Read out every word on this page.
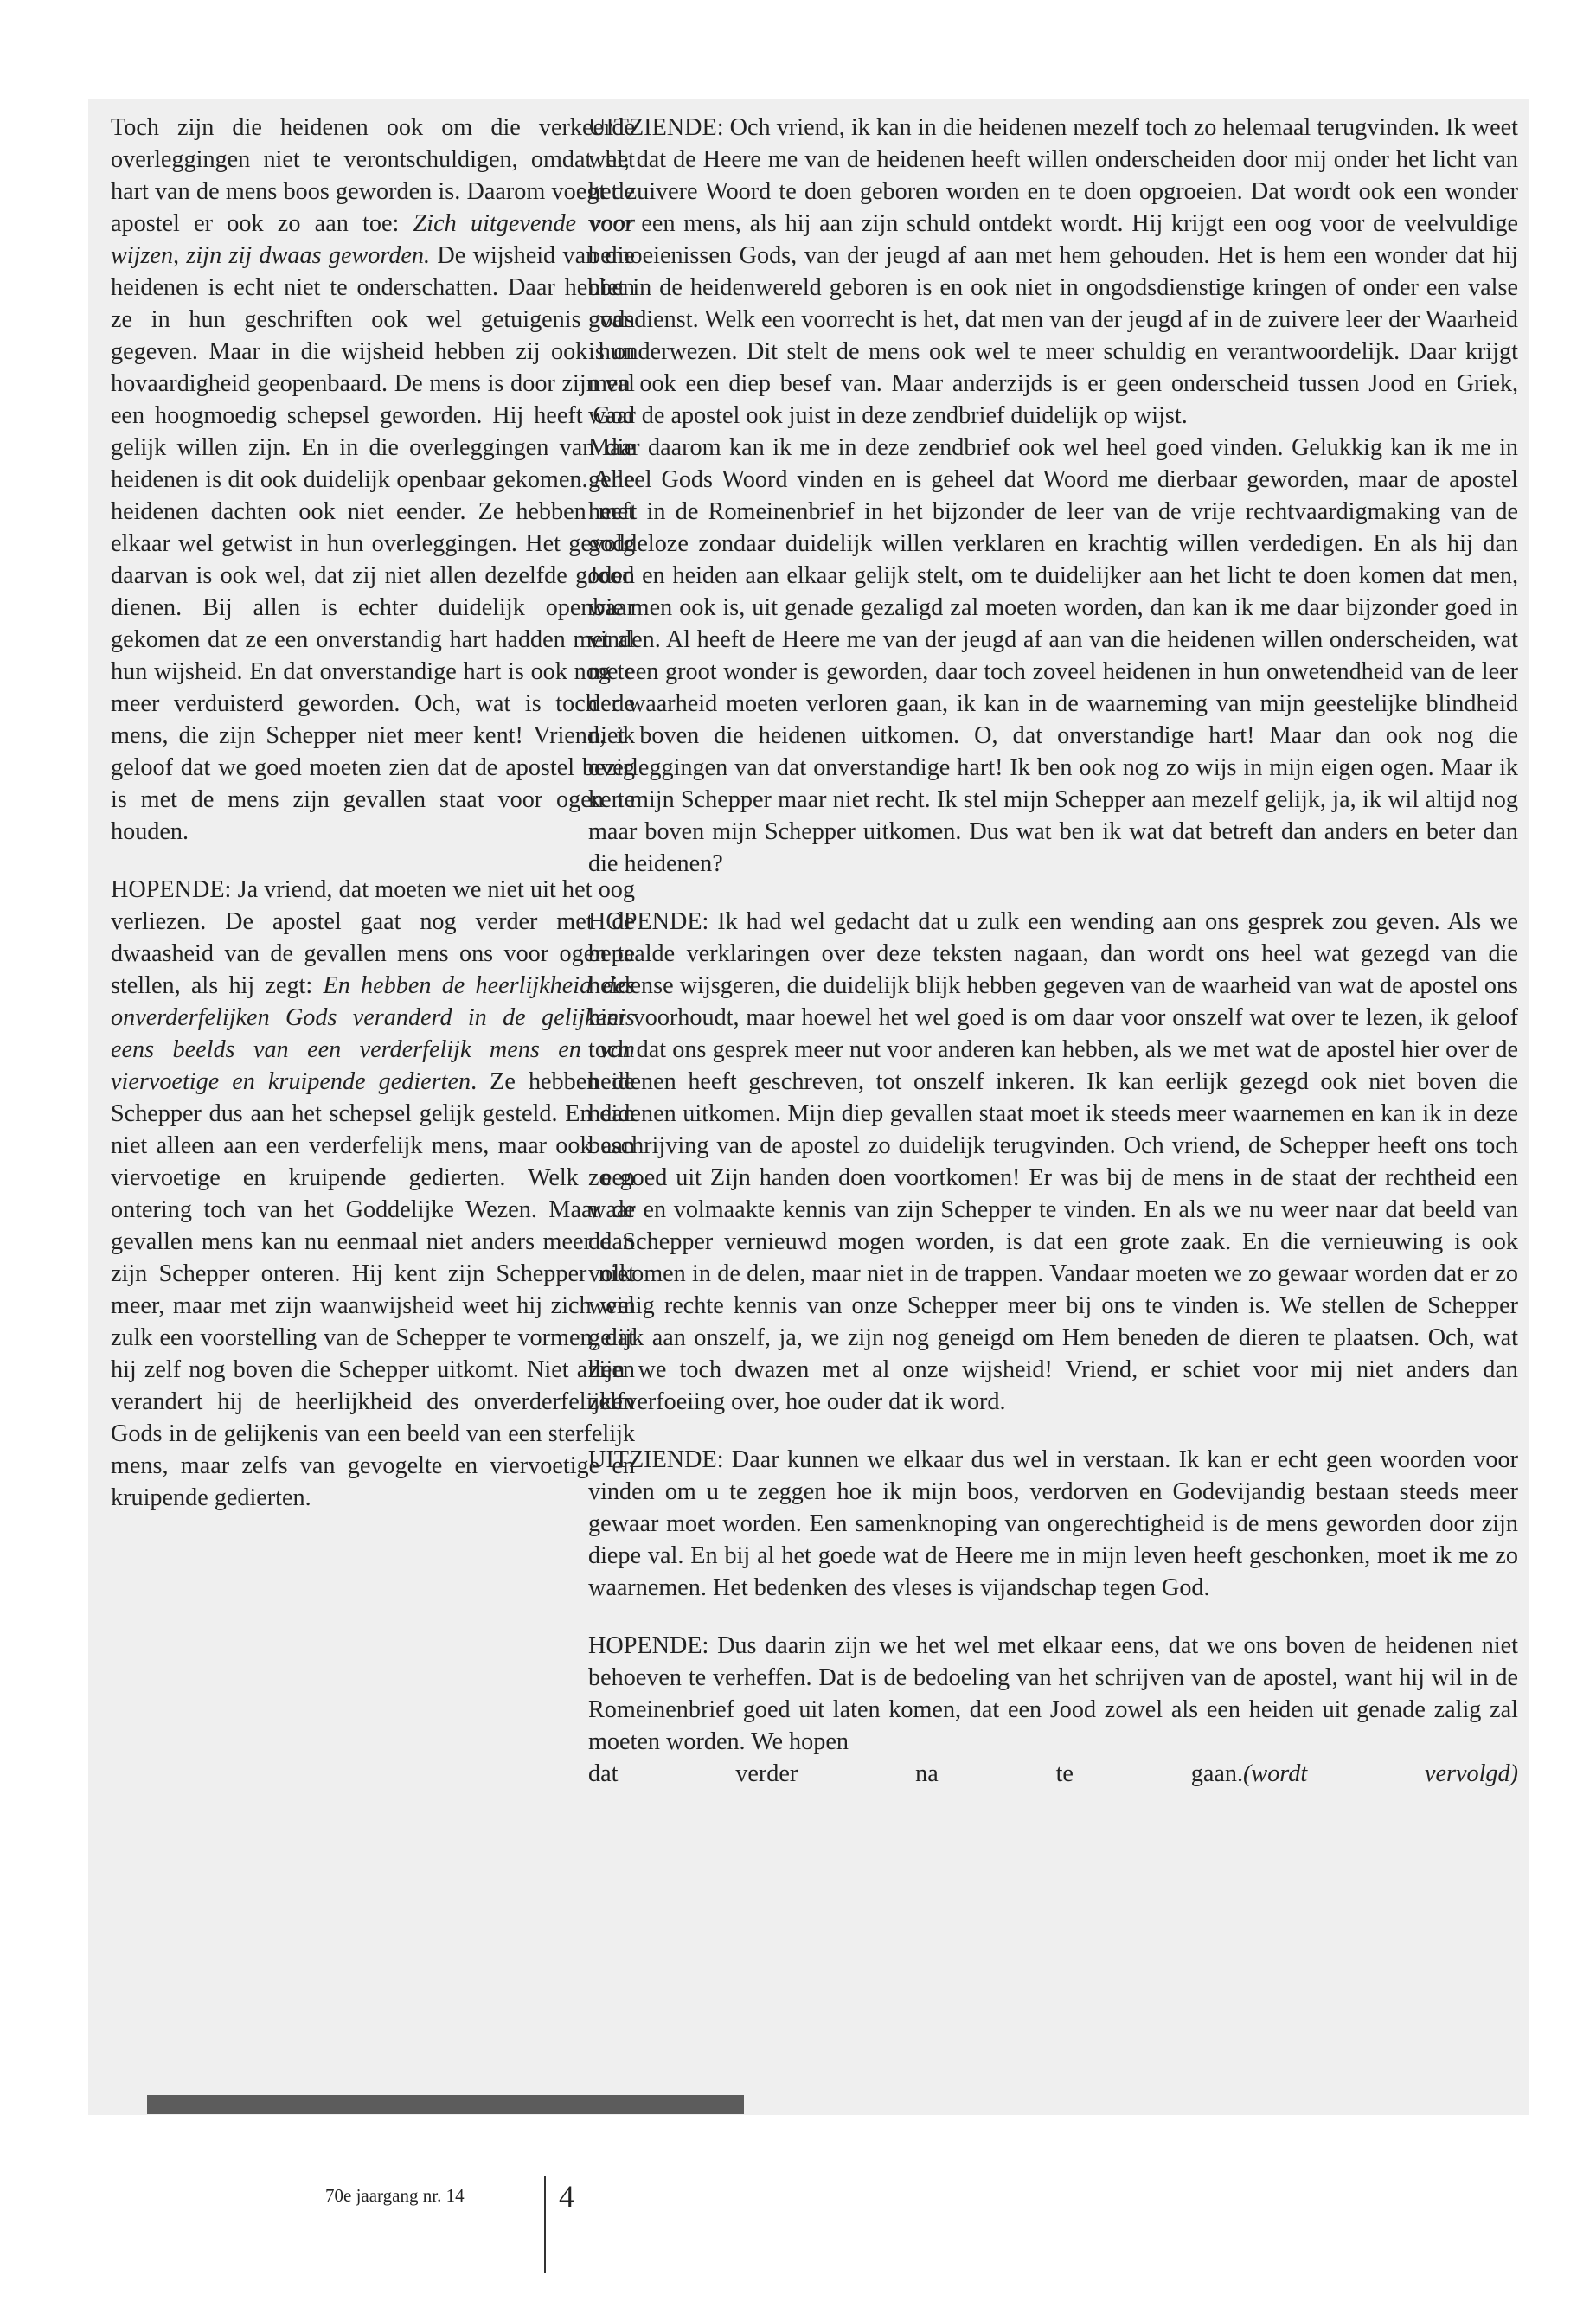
Toch zijn die heidenen ook om die verkeerde overleggingen niet te verontschuldigen, omdat het hart van de mens boos geworden is. Daarom voegt de apostel er ook zo aan toe: Zich uitgevende voor wijzen, zijn zij dwaas geworden. De wijsheid van die heidenen is echt niet te onderschatten. Daar hebben ze in hun geschriften ook wel getuigenis van gegeven. Maar in die wijsheid hebben zij ook hun hovaardigheid geopenbaard. De mens is door zijn val een hoogmoedig schepsel geworden. Hij heeft God gelijk willen zijn. En in die overleggingen van die heidenen is dit ook duidelijk openbaar gekomen. Alle heidenen dachten ook niet eender. Ze hebben met elkaar wel getwist in hun overleggingen. Het gevolg daarvan is ook wel, dat zij niet allen dezelfde goden dienen. Bij allen is echter duidelijk openbaar gekomen dat ze een onverstandig hart hadden met al hun wijsheid. En dat onverstandige hart is ook nog te meer verduisterd geworden. Och, wat is toch de mens, die zijn Schepper niet meer kent! Vriend, ik geloof dat we goed moeten zien dat de apostel bezig is met de mens zijn gevallen staat voor ogen te houden.

HOPENDE: Ja vriend, dat moeten we niet uit het oog verliezen. De apostel gaat nog verder met de dwaasheid van de gevallen mens ons voor ogen te stellen, als hij zegt: En hebben de heerlijkheid des onverderfelijken Gods veranderd in de gelijkenis eens beelds van een verderfelijk mens en van viervoetige en kruipende gedierten. Ze hebben de Schepper dus aan het schepsel gelijk gesteld. En dan niet alleen aan een verderfelijk mens, maar ook aan viervoetige en kruipende gedierten. Welk een ontering toch van het Goddelijke Wezen. Maar de gevallen mens kan nu eenmaal niet anders meer dan zijn Schepper onteren. Hij kent zijn Schepper niet meer, maar met zijn waanwijsheid weet hij zich wel zulk een voorstelling van de Schepper te vormen, dat hij zelf nog boven die Schepper uitkomt. Niet alleen verandert hij de heerlijkheid des onverderfelijken Gods in de gelijkenis van een beeld van een sterfelijk mens, maar zelfs van gevogelte en viervoetige en kruipende gedierten.

UITZIENDE: Och vriend, ik kan in die heidenen mezelf toch zo helemaal terugvinden. Ik weet wel, dat de Heere me van de heidenen heeft willen onderscheiden door mij onder het licht van het zuivere Woord te doen geboren worden en te doen opgroeien. Dat wordt ook een wonder voor een mens, als hij aan zijn schuld ontdekt wordt. Hij krijgt een oog voor de veelvuldige bemoeienissen Gods, van der jeugd af aan met hem gehouden. Het is hem een wonder dat hij niet in de heidenwereld geboren is en ook niet in ongodsdienstige kringen of onder een valse godsdienst. Welk een voorrecht is het, dat men van der jeugd af in de zuivere leer der Waarheid is onderwezen. Dit stelt de mens ook wel te meer schuldig en verantwoordelijk. Daar krijgt men ook een diep besef van. Maar anderzijds is er geen onderscheid tussen Jood en Griek, waar de apostel ook juist in deze zendbrief duidelijk op wijst.

Maar daarom kan ik me in deze zendbrief ook wel heel goed vinden. Gelukkig kan ik me in geheel Gods Woord vinden en is geheel dat Woord me dierbaar geworden, maar de apostel heeft in de Romeinenbrief in het bijzonder de leer van de vrije rechtvaardigmaking van de goddeloze zondaar duidelijk willen verklaren en krachtig willen verdedigen. En als hij dan Jood en heiden aan elkaar gelijk stelt, om te duidelijker aan het licht te doen komen dat men, wie men ook is, uit genade gezaligd zal moeten worden, dan kan ik me daar bijzonder goed in vinden. Al heeft de Heere me van der jeugd af aan van die heidenen willen onderscheiden, wat me een groot wonder is geworden, daar toch zoveel heidenen in hun onwetendheid van de leer der waarheid moeten verloren gaan, ik kan in de waarneming van mijn geestelijke blindheid niet boven die heidenen uitkomen. O, dat onverstandige hart! Maar dan ook nog die overleggingen van dat onverstandige hart! Ik ben ook nog zo wijs in mijn eigen ogen. Maar ik ken mijn Schepper maar niet recht. Ik stel mijn Schepper aan mezelf gelijk, ja, ik wil altijd nog maar boven mijn Schepper uitkomen. Dus wat ben ik wat dat betreft dan anders en beter dan die heidenen?

HOPENDE: Ik had wel gedacht dat u zulk een wending aan ons gesprek zou geven. Als we bepaalde verklaringen over deze teksten nagaan, dan wordt ons heel wat gezegd van die heidense wijsgeren, die duidelijk blijk hebben gegeven van de waarheid van wat de apostel ons hier voorhoudt, maar hoewel het wel goed is om daar voor onszelf wat over te lezen, ik geloof toch dat ons gesprek meer nut voor anderen kan hebben, als we met wat de apostel hier over de heidenen heeft geschreven, tot onszelf inkeren. Ik kan eerlijk gezegd ook niet boven die heidenen uitkomen. Mijn diep gevallen staat moet ik steeds meer waarnemen en kan ik in deze beschrijving van de apostel zo duidelijk terugvinden. Och vriend, de Schepper heeft ons toch zo goed uit Zijn handen doen voortkomen! Er was bij de mens in de staat der rechtheid een waar en volmaakte kennis van zijn Schepper te vinden. En als we nu weer naar dat beeld van de Schepper vernieuwd mogen worden, is dat een grote zaak. En die vernieuwing is ook volkomen in de delen, maar niet in de trappen. Vandaar moeten we zo gewaar worden dat er zo weinig rechte kennis van onze Schepper meer bij ons te vinden is. We stellen de Schepper gelijk aan onszelf, ja, we zijn nog geneigd om Hem beneden de dieren te plaatsen. Och, wat zijn we toch dwazen met al onze wijsheid! Vriend, er schiet voor mij niet anders dan zelfverfoeiing over, hoe ouder dat ik word.

UITZIENDE: Daar kunnen we elkaar dus wel in verstaan. Ik kan er echt geen woorden voor vinden om u te zeggen hoe ik mijn boos, verdorven en Godevijandig bestaan steeds meer gewaar moet worden. Een samenknoping van ongerechtigheid is de mens geworden door zijn diepe val. En bij al het goede wat de Heere me in mijn leven heeft geschonken, moet ik me zo waarnemen. Het bedenken des vleses is vijandschap tegen God.

HOPENDE: Dus daarin zijn we het wel met elkaar eens, dat we ons boven de heidenen niet behoeven te verheffen. Dat is de bedoeling van het schrijven van de apostel, want hij wil in de Romeinenbrief goed uit laten komen, dat een Jood zowel als een heiden uit genade zalig zal moeten worden. We hopen

dat verder na te gaan.(wordt vervolgd)

70e jaargang nr. 14	4
